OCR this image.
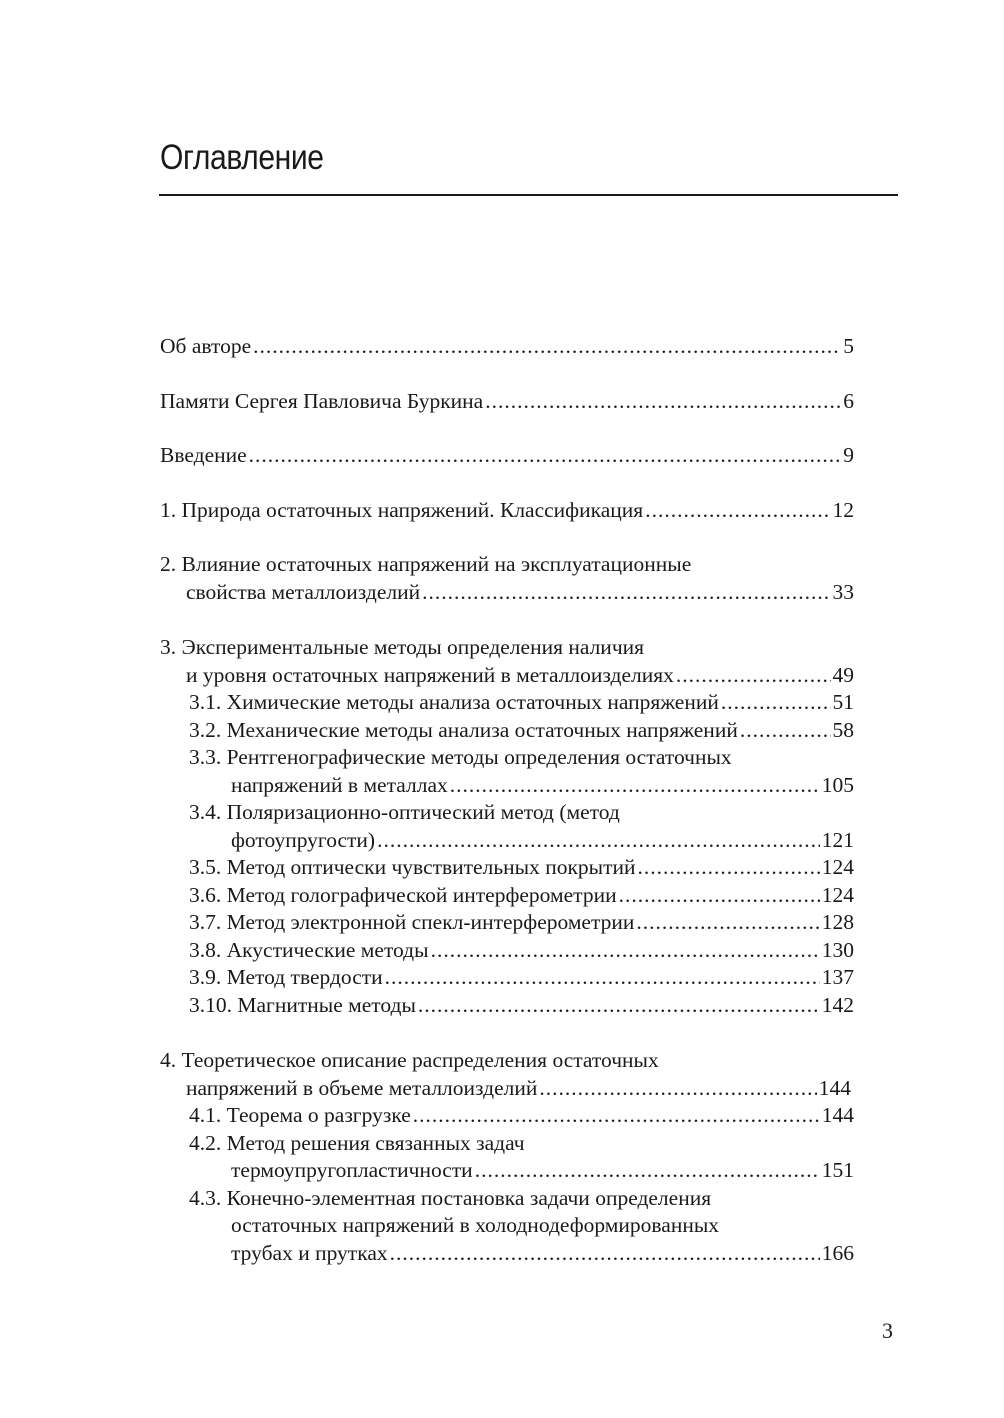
Оглавление
Об авторе .....	5
Памяти Сергея Павловича Буркина .....	6
Введение .....	9
1. Природа остаточных напряжений. Классификация .....	12
2. Влияние остаточных напряжений на эксплуатационные
свойства металлоизделий .....	33
3. Экспериментальные методы определения наличия
и уровня остаточных напряжений в металлоизделиях .....	49
3.1. Химические методы анализа остаточных напряжений .....	51
3.2. Механические методы анализа остаточных напряжений .....	58
3.3. Рентгенографические методы определения остаточных
напряжений в металлах .....	105
3.4. Поляризационно-оптический метод (метод
фотоупругости) .....	121
3.5. Метод оптически чувствительных покрытий .....	124
3.6. Метод голографической интерферометрии .....	124
3.7. Метод электронной спекл-интерферометрии .....	128
3.8. Акустические методы .....	130
3.9. Метод твердости .....	137
3.10. Магнитные методы .....	142
4. Теоретическое описание распределения остаточных
напряжений в объеме металлоизделий .....	144
4.1. Теорема о разгрузке .....	144
4.2. Метод решения связанных задач
термоупругопластичности .....	151
4.3. Конечно-элементная постановка задачи определения
остаточных напряжений в холоднодеформированных
трубах и прутках .....	166
3
